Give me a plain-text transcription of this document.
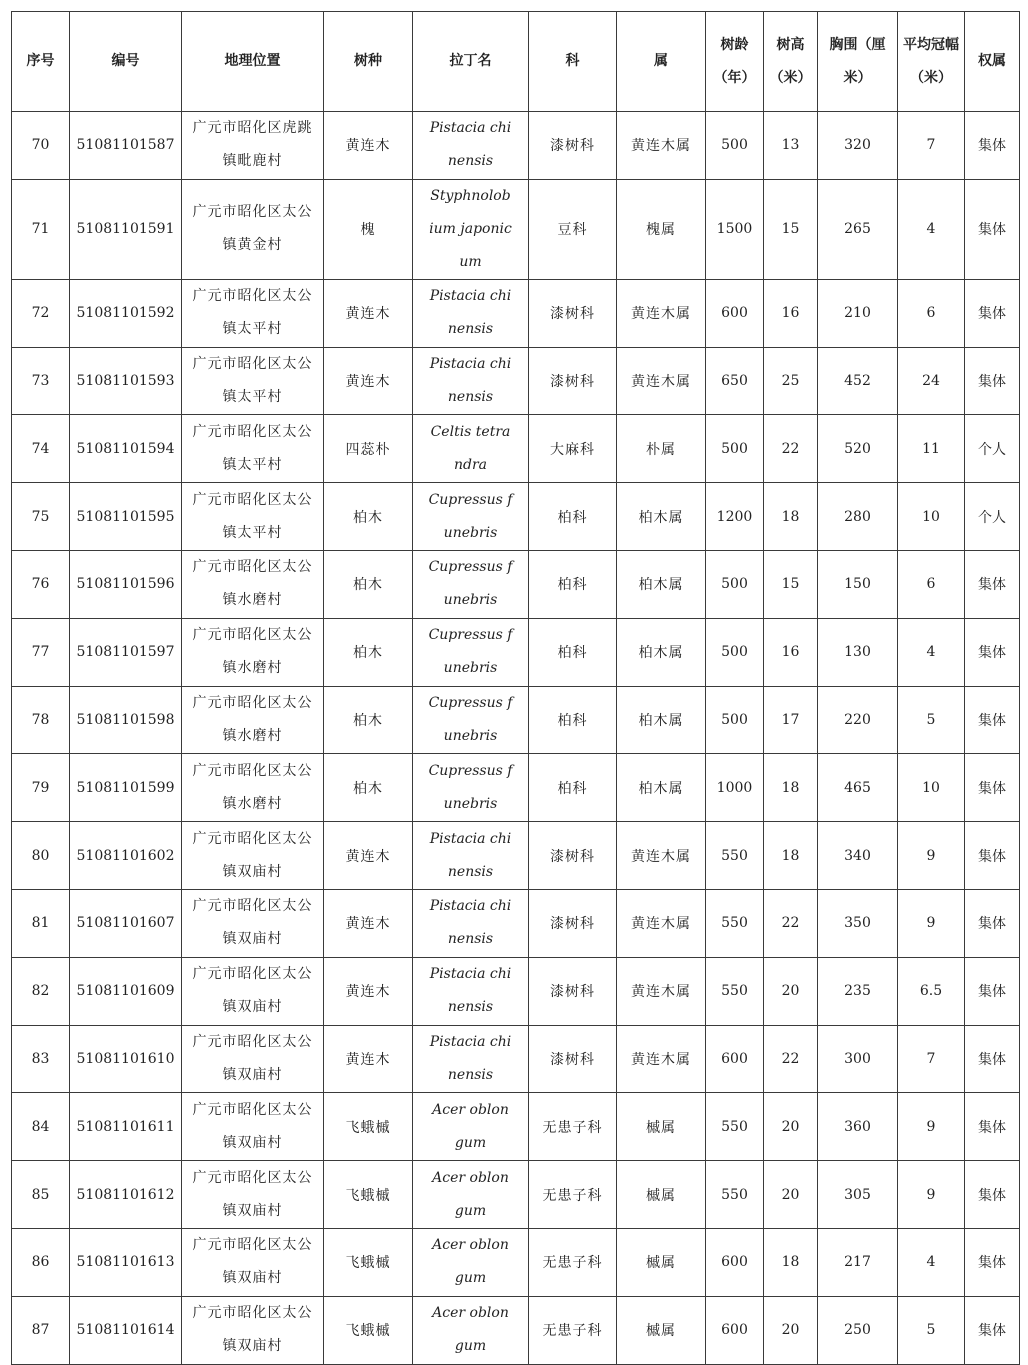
序号	编号	地理位置	树种	拉丁名	科	属	树龄（年）	树高（米）	胸围（厘米）	平均冠幅（米）	权属
70	51081101587	广元市昭化区虎跳镇毗鹿村	黄连木	Pistacia chinensis	漆树科	黄连木属	500	13	320	7	集体
71	51081101591	广元市昭化区太公镇黄金村	槐	Styphnolobium japonicum	豆科	槐属	1500	15	265	4	集体
72	51081101592	广元市昭化区太公镇太平村	黄连木	Pistacia chinensis	漆树科	黄连木属	600	16	210	6	集体
73	51081101593	广元市昭化区太公镇太平村	黄连木	Pistacia chinensis	漆树科	黄连木属	650	25	452	24	集体
74	51081101594	广元市昭化区太公镇太平村	四蕊朴	Celtis tetrandra	大麻科	朴属	500	22	520	11	个人
75	51081101595	广元市昭化区太公镇太平村	柏木	Cupressus funebris	柏科	柏木属	1200	18	280	10	个人
76	51081101596	广元市昭化区太公镇水磨村	柏木	Cupressus funebris	柏科	柏木属	500	15	150	6	集体
77	51081101597	广元市昭化区太公镇水磨村	柏木	Cupressus funebris	柏科	柏木属	500	16	130	4	集体
78	51081101598	广元市昭化区太公镇水磨村	柏木	Cupressus funebris	柏科	柏木属	500	17	220	5	集体
79	51081101599	广元市昭化区太公镇水磨村	柏木	Cupressus funebris	柏科	柏木属	1000	18	465	10	集体
80	51081101602	广元市昭化区太公镇双庙村	黄连木	Pistacia chinensis	漆树科	黄连木属	550	18	340	9	集体
81	51081101607	广元市昭化区太公镇双庙村	黄连木	Pistacia chinensis	漆树科	黄连木属	550	22	350	9	集体
82	51081101609	广元市昭化区太公镇双庙村	黄连木	Pistacia chinensis	漆树科	黄连木属	550	20	235	6.5	集体
83	51081101610	广元市昭化区太公镇双庙村	黄连木	Pistacia chinensis	漆树科	黄连木属	600	22	300	7	集体
84	51081101611	广元市昭化区太公镇双庙村	飞蛾槭	Acer oblongum	无患子科	槭属	550	20	360	9	集体
85	51081101612	广元市昭化区太公镇双庙村	飞蛾槭	Acer oblongum	无患子科	槭属	550	20	305	9	集体
86	51081101613	广元市昭化区太公镇双庙村	飞蛾槭	Acer oblongum	无患子科	槭属	600	18	217	4	集体
87	51081101614	广元市昭化区太公镇双庙村	飞蛾槭	Acer oblongum	无患子科	槭属	600	20	250	5	集体
